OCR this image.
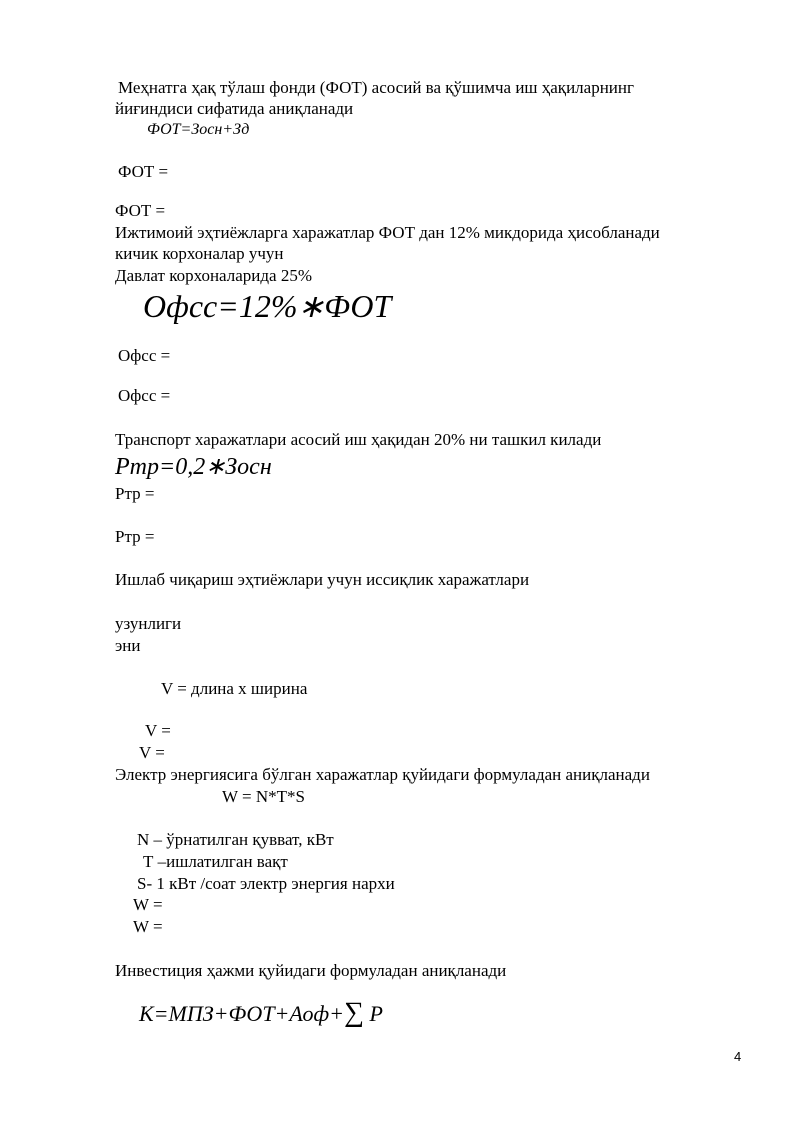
Меҳнатга ҳақ тўлаш фонди (ФОТ) асосий ва қўшимча иш ҳақиларнинг
йиғиндиси сифатида аниқланади
ФОТ=Зосн+Зд
ФОТ =
ФОТ =
Ижтимоий эҳтиёжларга харажатлар ФОТ дан 12% микдорида ҳисобланади
кичик корхоналар учун
Давлат корхоналарида 25%
Офсс=12%∗ФОТ
Офсс =
Офсс =
Транспорт харажатлари асосий иш ҳақидан 20% ни ташкил килади
Ртр=0,2∗Зосн
Ртр =
Ртр =
Ишлаб чиқариш эҳтиёжлари учун иссиқлик харажатлари
узунлиги
эни
V = длина х ширина
V =
V =
Электр энергиясига бўлган харажатлар қуйидаги формуладан аниқланади
W = N*T*S
N – ўрнатилган қувват, кВт
Т –ишлатилган вақт
S- 1 кВт /соат электр энергия нархи
W =
W =
Инвестиция ҳажми қуйидаги формуладан аниқланади
K=МПЗ+ФОТ+Аоф+∑ P
4
